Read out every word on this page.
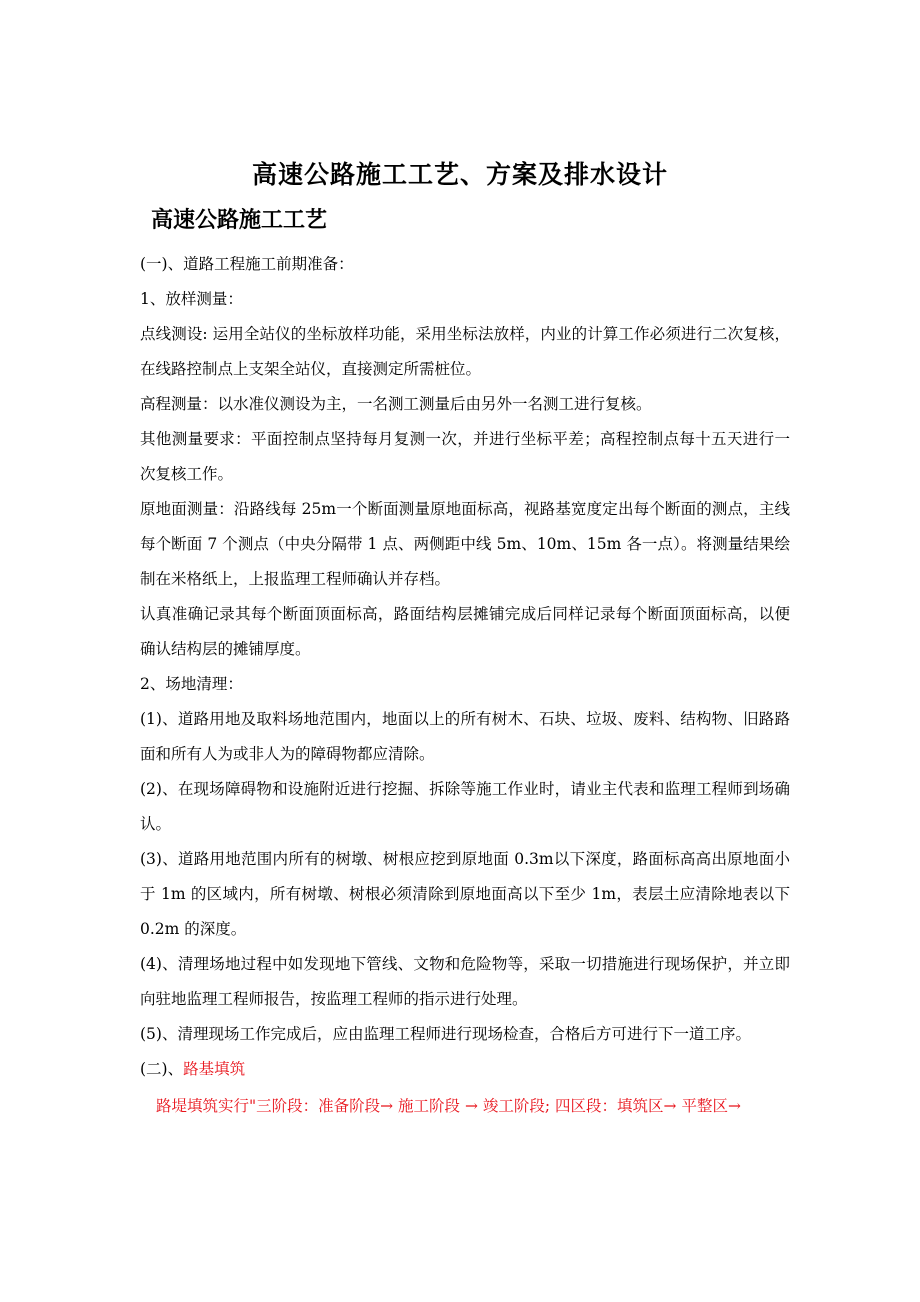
高速公路施工工艺、方案及排水设计
高速公路施工工艺

(一)、道路工程施工前期准备：

1、放样测量：

点线测设: 运用全站仪的坐标放样功能，采用坐标法放样，内业的计算工作必须进行二次复核，在线路控制点上支架全站仪，直接测定所需桩位。

高程测量：以水准仪测设为主，一名测工测量后由另外一名测工进行复核。

其他测量要求：平面控制点坚持每月复测一次，并进行坐标平差；高程控制点每十五天进行一次复核工作。

原地面测量：沿路线每 25m一个断面测量原地面标高，视路基宽度定出每个断面的测点，主线每个断面 7 个测点（中央分隔带 1 点、两侧距中线 5m、10m、15m 各一点）。将测量结果绘制在米格纸上，上报监理工程师确认并存档。

认真准确记录其每个断面顶面标高，路面结构层摊铺完成后同样记录每个断面顶面标高，以便确认结构层的摊铺厚度。

2、场地清理：

(1)、道路用地及取料场地范围内，地面以上的所有树木、石块、垃圾、废料、结构物、旧路路面和所有人为或非人为的障碍物都应清除。

(2)、在现场障碍物和设施附近进行挖掘、拆除等施工作业时，请业主代表和监理工程师到场确认。

(3)、道路用地范围内所有的树墩、树根应挖到原地面 0.3m以下深度，路面标高高出原地面小于 1m 的区域内，所有树墩、树根必须清除到原地面高以下至少 1m，表层土应清除地表以下 0.2m 的深度。

(4)、清理场地过程中如发现地下管线、文物和危险物等，采取一切措施进行现场保护，并立即向驻地监理工程师报告，按监理工程师的指示进行处理。

(5)、清理现场工作完成后，应由监理工程师进行现场检查，合格后方可进行下一道工序。

(二)、路基填筑

路堤填筑实行"三阶段：准备阶段→ 施工阶段 → 竣工阶段; 四区段：填筑区→ 平整区→
